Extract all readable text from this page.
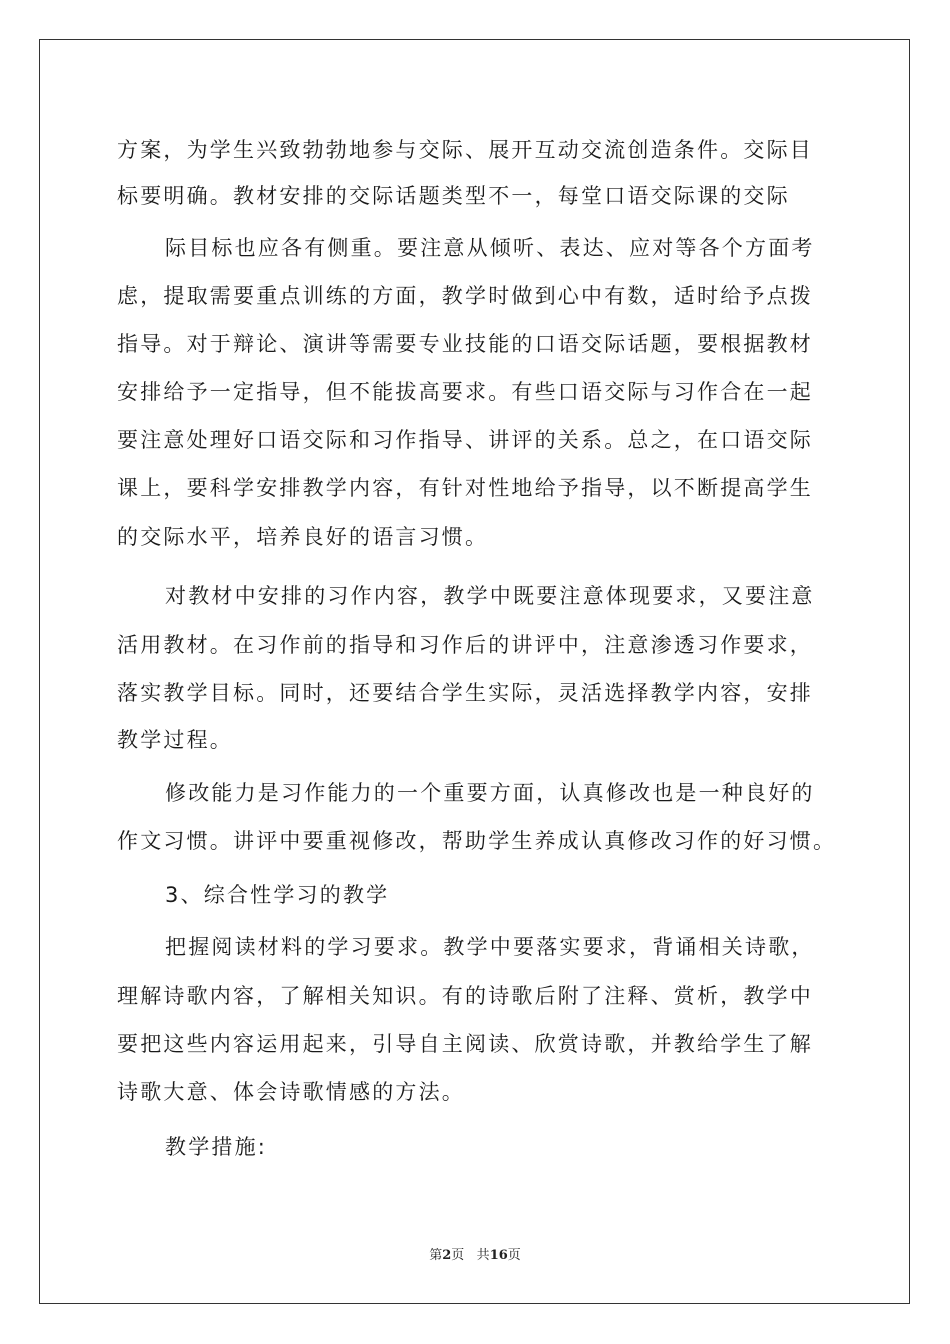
方案，为学生兴致勃勃地参与交际、展开互动交流创造条件。交际目
标要明确。教材安排的交际话题类型不一，每堂口语交际课的交际
际目标也应各有侧重。要注意从倾听、表达、应对等各个方面考
虑，提取需要重点训练的方面，教学时做到心中有数，适时给予点拨
指导。对于辩论、演讲等需要专业技能的口语交际话题，要根据教材
安排给予一定指导，但不能拔高要求。有些口语交际与习作合在一起
要注意处理好口语交际和习作指导、讲评的关系。总之，在口语交际
课上，要科学安排教学内容，有针对性地给予指导，以不断提高学生
的交际水平，培养良好的语言习惯。
对教材中安排的习作内容，教学中既要注意体现要求，又要注意
活用教材。在习作前的指导和习作后的讲评中，注意渗透习作要求，
落实教学目标。同时，还要结合学生实际，灵活选择教学内容，安排
教学过程。
修改能力是习作能力的一个重要方面，认真修改也是一种良好的
作文习惯。讲评中要重视修改，帮助学生养成认真修改习作的好习惯。
3、综合性学习的教学
把握阅读材料的学习要求。教学中要落实要求，背诵相关诗歌，
理解诗歌内容，了解相关知识。有的诗歌后附了注释、赏析，教学中
要把这些内容运用起来，引导自主阅读、欣赏诗歌，并教给学生了解
诗歌大意、体会诗歌情感的方法。
教学措施:
第2页 共16页
